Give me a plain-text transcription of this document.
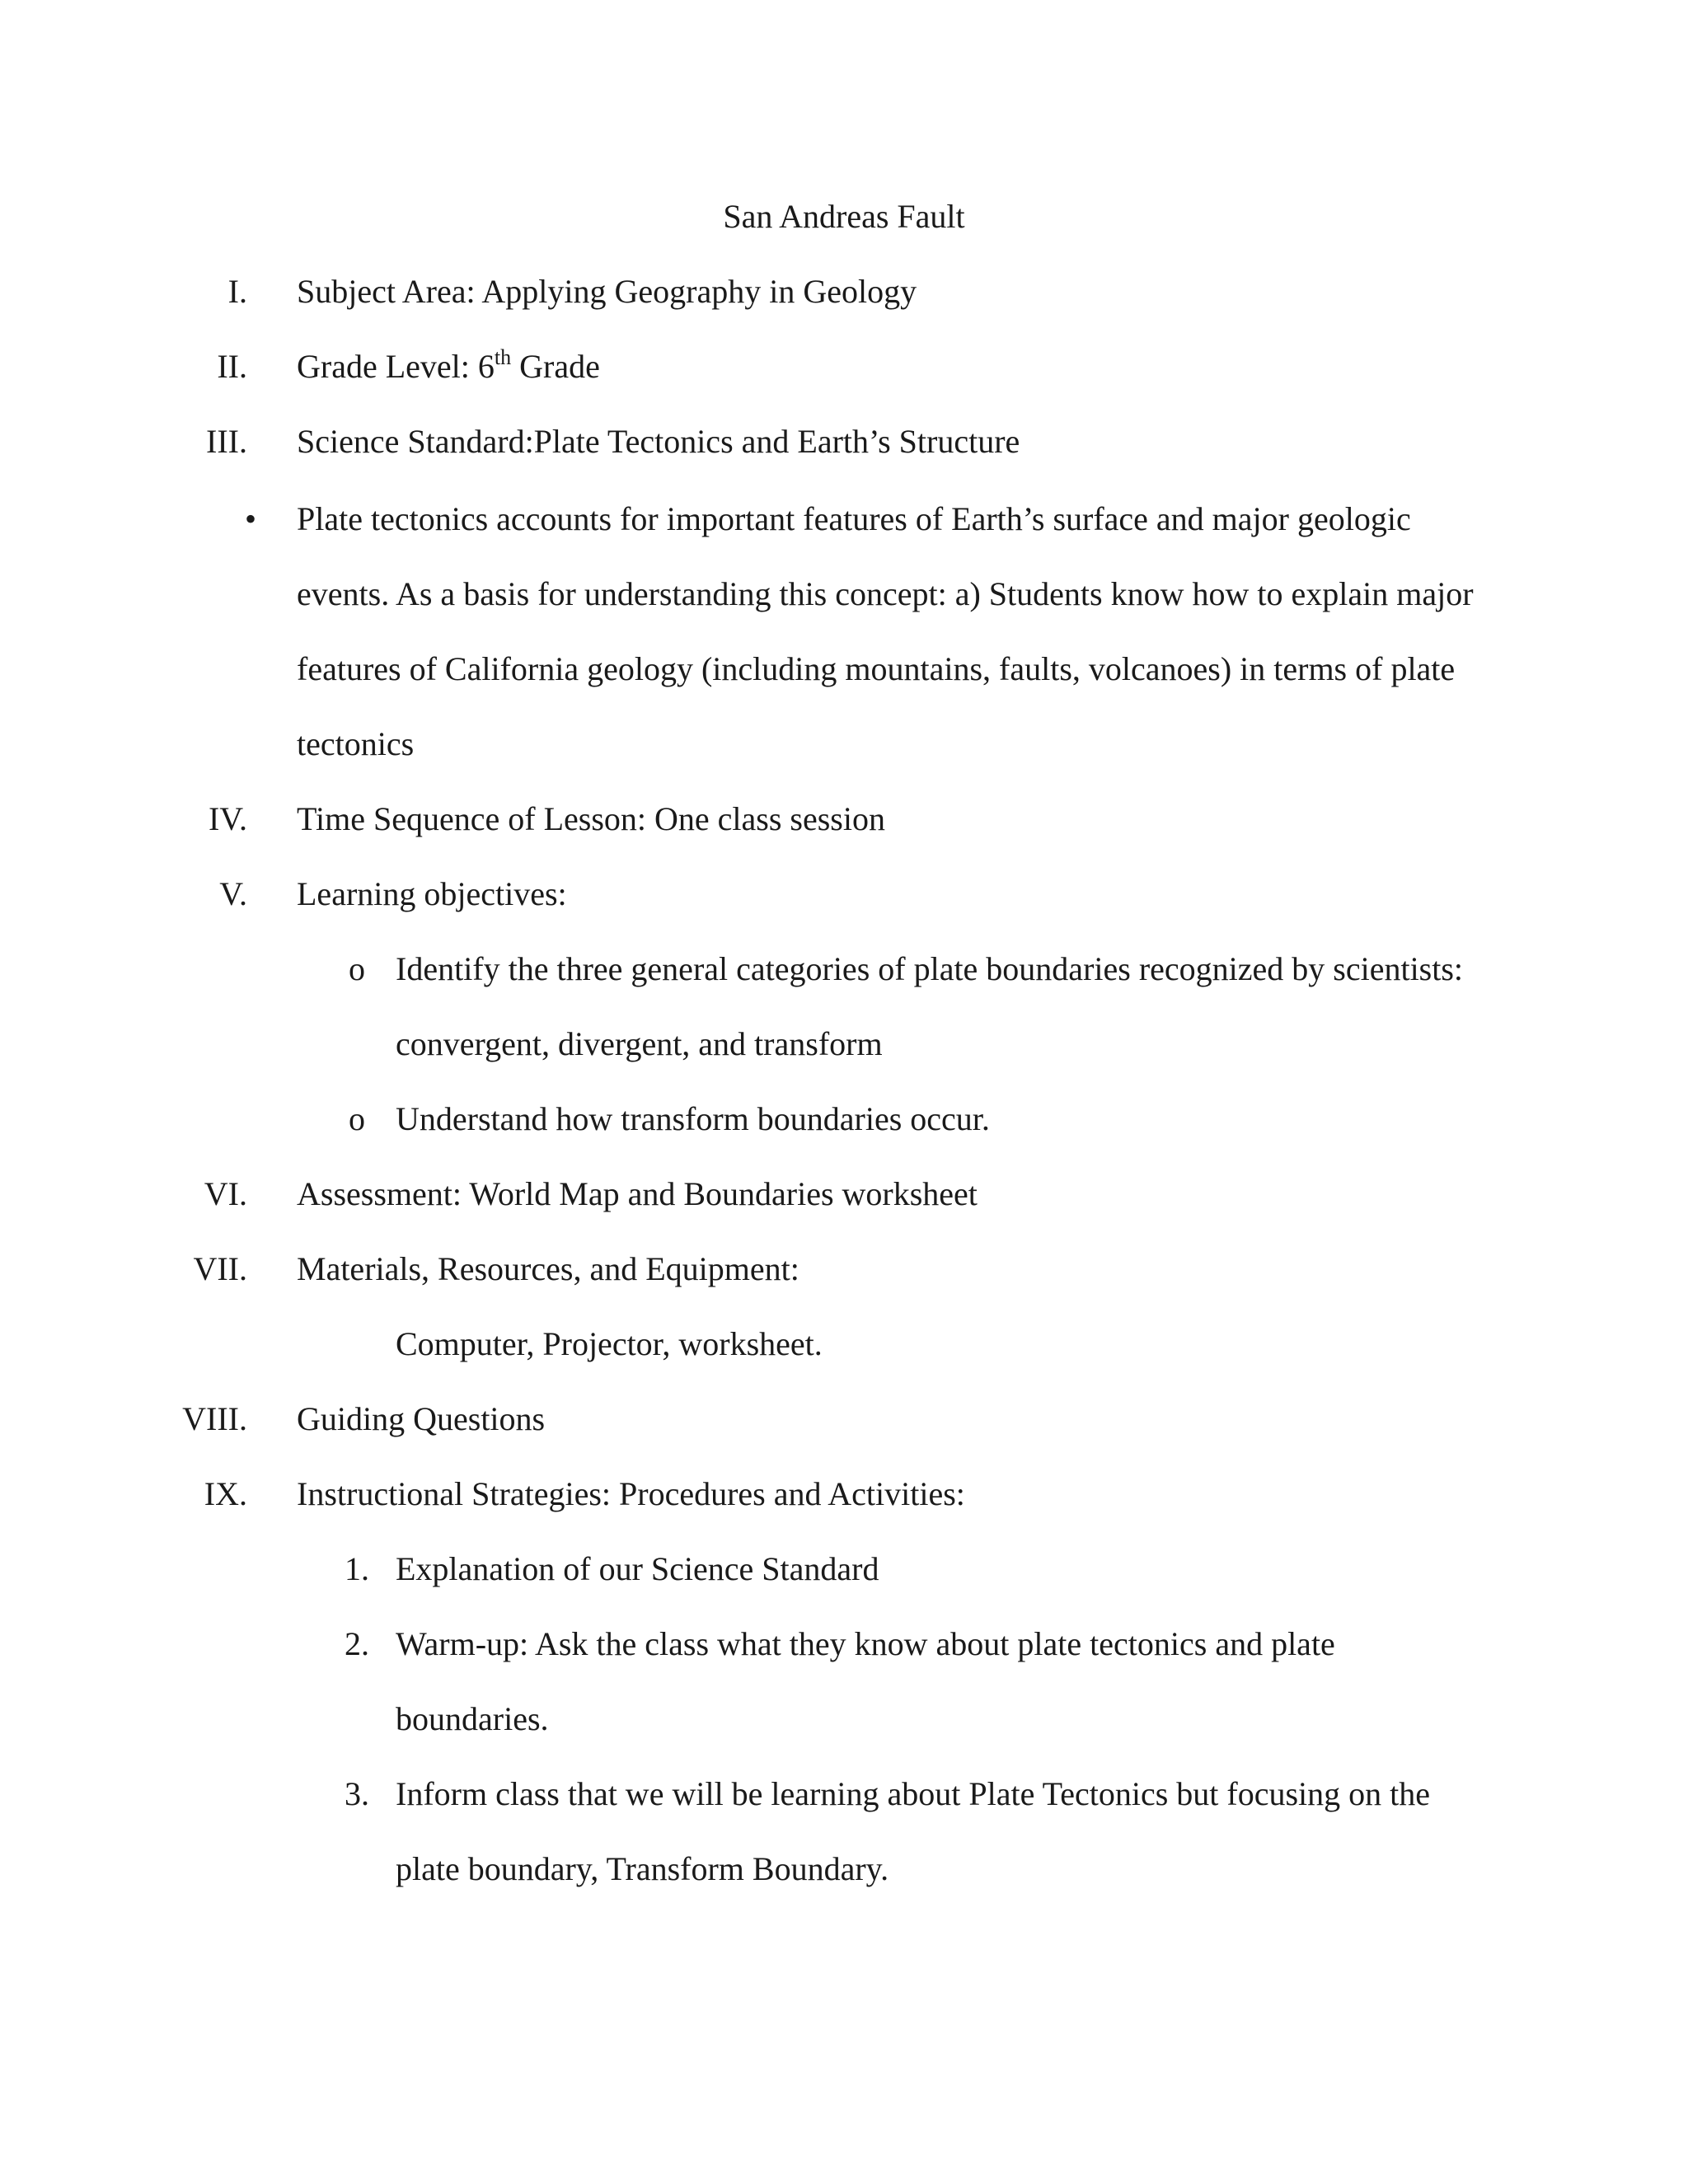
San Andreas Fault
I. Subject Area: Applying Geography in Geology
II. Grade Level: 6th Grade
III. Science Standard:Plate Tectonics and Earth’s Structure
• Plate tectonics accounts for important features of Earth’s surface and major geologic
events. As a basis for understanding this concept: a) Students know how to explain major
features of California geology (including mountains, faults, volcanoes) in terms of plate
tectonics
IV. Time Sequence of Lesson: One class session
V. Learning objectives:
o Identify the three general categories of plate boundaries recognized by scientists:
convergent, divergent, and transform
o Understand how transform boundaries occur.
VI. Assessment: World Map and Boundaries worksheet
VII. Materials, Resources, and Equipment:
Computer, Projector, worksheet.
VIII. Guiding Questions
IX. Instructional Strategies: Procedures and Activities:
1. Explanation of our Science Standard
2. Warm-up: Ask the class what they know about plate tectonics and plate
boundaries.
3. Inform class that we will be learning about Plate Tectonics but focusing on the
plate boundary, Transform Boundary.
